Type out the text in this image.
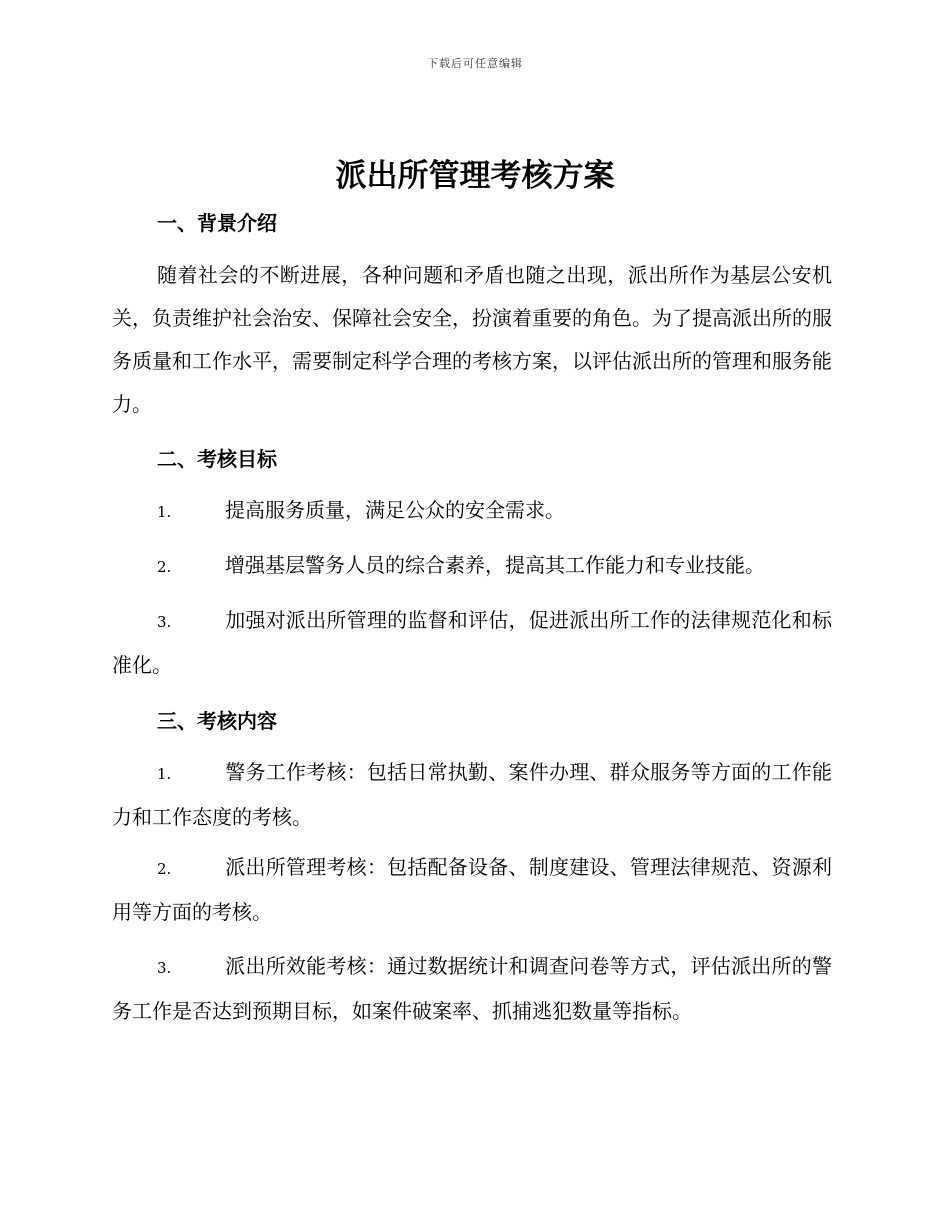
下载后可任意编辑
派出所管理考核方案
一、背景介绍

随着社会的不断进展，各种问题和矛盾也随之出现，派出所作为基层公安机关，负责维护社会治安、保障社会安全，扮演着重要的角色。为了提高派出所的服务质量和工作水平，需要制定科学合理的考核方案，以评估派出所的管理和服务能力。

二、考核目标

1.	提高服务质量，满足公众的安全需求。

2.	增强基层警务人员的综合素养，提高其工作能力和专业技能。

3.	加强对派出所管理的监督和评估，促进派出所工作的法律规范化和标准化。

三、考核内容

1.	警务工作考核：包括日常执勤、案件办理、群众服务等方面的工作能力和工作态度的考核。

2.	派出所管理考核：包括配备设备、制度建设、管理法律规范、资源利用等方面的考核。

3.	派出所效能考核：通过数据统计和调查问卷等方式，评估派出所的警务工作是否达到预期目标，如案件破案率、抓捕逃犯数量等指标。
